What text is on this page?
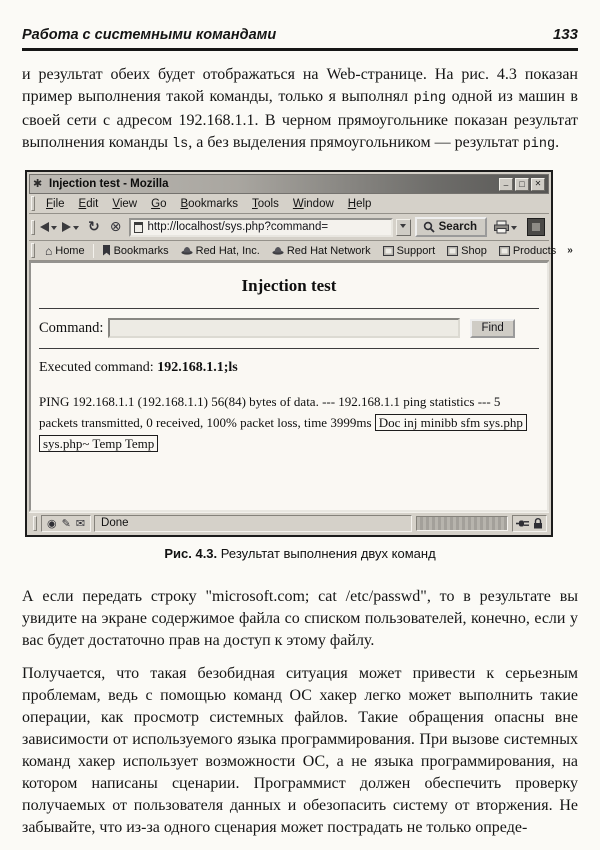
Работа с системными командами	133

и результат обеих будет отображаться на Web-странице. На рис. 4.3 показан пример выполнения такой команды, только я выполнял ping одной из машин в своей сети с адресом 192.168.1.1. В черном прямоугольнике показан результат выполнения команды ls, а без выделения прямоугольником — результат ping.

✱
Injection test - Mozilla
_
□
✕
File	Edit	View	Go	Bookmarks	Tools	Window	Help
↻
⊗
http://localhost/sys.php?command=
Search
⌂
Home	Bookmarks Red Hat, Inc. Red Hat Network Support Shop Products	»
Injection test
Command:	Find
Executed command: 192.168.1.1;ls
PING 192.168.1.1 (192.168.1.1) 56(84) bytes of data. --- 192.168.1.1 ping statistics --- 5 packets transmitted, 0 received, 100% packet loss, time 3999ms Doc inj minibb sfm sys.php sys.php~ Temp Temp
◉
✎
✉
Done
Рис. 4.3. Результат выполнения двух команд

А если передать строку "microsoft.com; cat /etc/passwd", то в результате вы увидите на экране содержимое файла со списком пользователей, конечно, если у вас будет достаточно прав на доступ к этому файлу.

Получается, что такая безобидная ситуация может привести к серьезным проблемам, ведь с помощью команд ОС хакер легко может выполнить такие операции, как просмотр системных файлов. Такие обращения опасны вне зависимости от используемого языка программирования. При вызове системных команд хакер использует возможности ОС, а не языка программирования, на котором написаны сценарии. Программист должен обеспечить проверку получаемых от пользователя данных и обезопасить систему от вторжения. Не забывайте, что из-за одного сценария может пострадать не только опреде-
